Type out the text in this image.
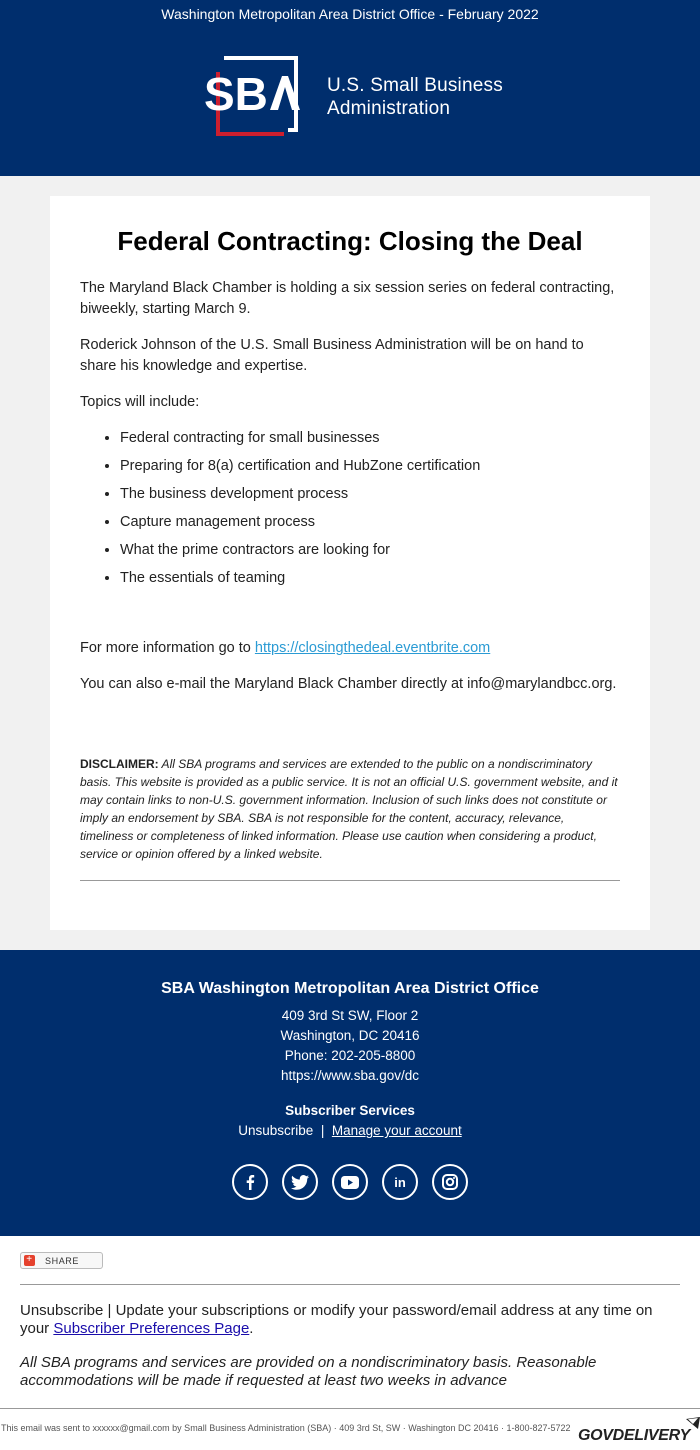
Washington Metropolitan Area District Office - February 2022
SB	U.S. Small Business
Administration
Federal Contracting: Closing the Deal

The Maryland Black Chamber is holding a six session series on federal contracting, biweekly, starting March 9.

Roderick Johnson of the U.S. Small Business Administration will be on hand to share his knowledge and expertise.

Topics will include:

• Federal contracting for small businesses
• Preparing for 8(a) certification and HubZone certification
• The business development process
• Capture management process
• What the prime contractors are looking for
• The essentials of teaming

For more information go to https://closingthedeal.eventbrite.com

You can also e-mail the Maryland Black Chamber directly at info@marylandbcc.org.

DISCLAIMER: All SBA programs and services are extended to the public on a nondiscriminatory basis. This website is provided as a public service. It is not an official U.S. government website, and it may contain links to non-U.S. government information. Inclusion of such links does not constitute or imply an endorsement by SBA. SBA is not responsible for the content, accuracy, relevance, timeliness or completeness of linked information. Please use caution when considering a product, service or opinion offered by a linked website.

SBA Washington Metropolitan Area District Office
409 3rd St SW, Floor 2
Washington, DC 20416
Phone: 202-205-8800
https://www.sba.gov/dc
Subscriber Services
Unsubscribe | Manage your account
in
+ SHARE

Unsubscribe | Update your subscriptions or modify your password/email address at any time on your Subscriber Preferences Page.

All SBA programs and services are provided on a nondiscriminatory basis. Reasonable accommodations will be made if requested at least two weeks in advance

This email was sent to xxxxxx@gmail.com by Small Business Administration (SBA) · 409 3rd St, SW · Washington DC 20416 · 1-800-827-5722 GOVDELIVERY
